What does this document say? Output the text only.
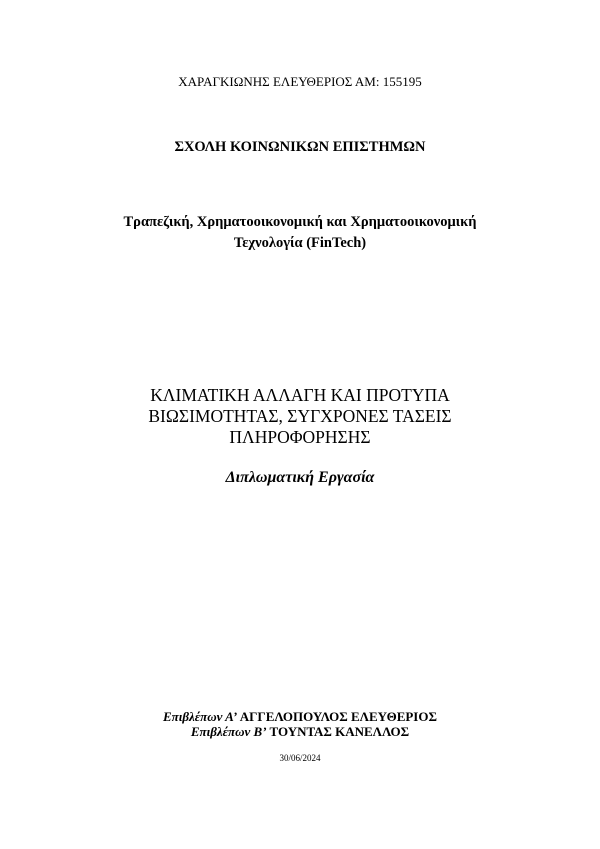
ΧΑΡΑΓΚΙΩΝΗΣ ΕΛΕΥΘΕΡΙΟΣ ΑΜ: 155195
ΣΧΟΛΗ ΚΟΙΝΩΝΙΚΩΝ ΕΠΙΣΤΗΜΩΝ
Τραπεζική, Χρηματοοικονομική και Χρηματοοικονομική
Τεχνολογία (FinTech)
ΚΛΙΜΑΤΙΚΗ ΑΛΛΑΓΗ ΚΑΙ ΠΡΟΤΥΠΑ
ΒΙΩΣΙΜΟΤΗΤΑΣ, ΣΥΓΧΡΟΝΕΣ ΤΑΣΕΙΣ
ΠΛΗΡΟΦΟΡΗΣΗΣ
Διπλωματική Εργασία
Επιβλέπων Α’ ΑΓΓΕΛΟΠΟΥΛΟΣ ΕΛΕΥΘΕΡΙΟΣ
Επιβλέπων Β’ ΤΟΥΝΤΑΣ ΚΑΝΕΛΛΟΣ
30/06/2024
